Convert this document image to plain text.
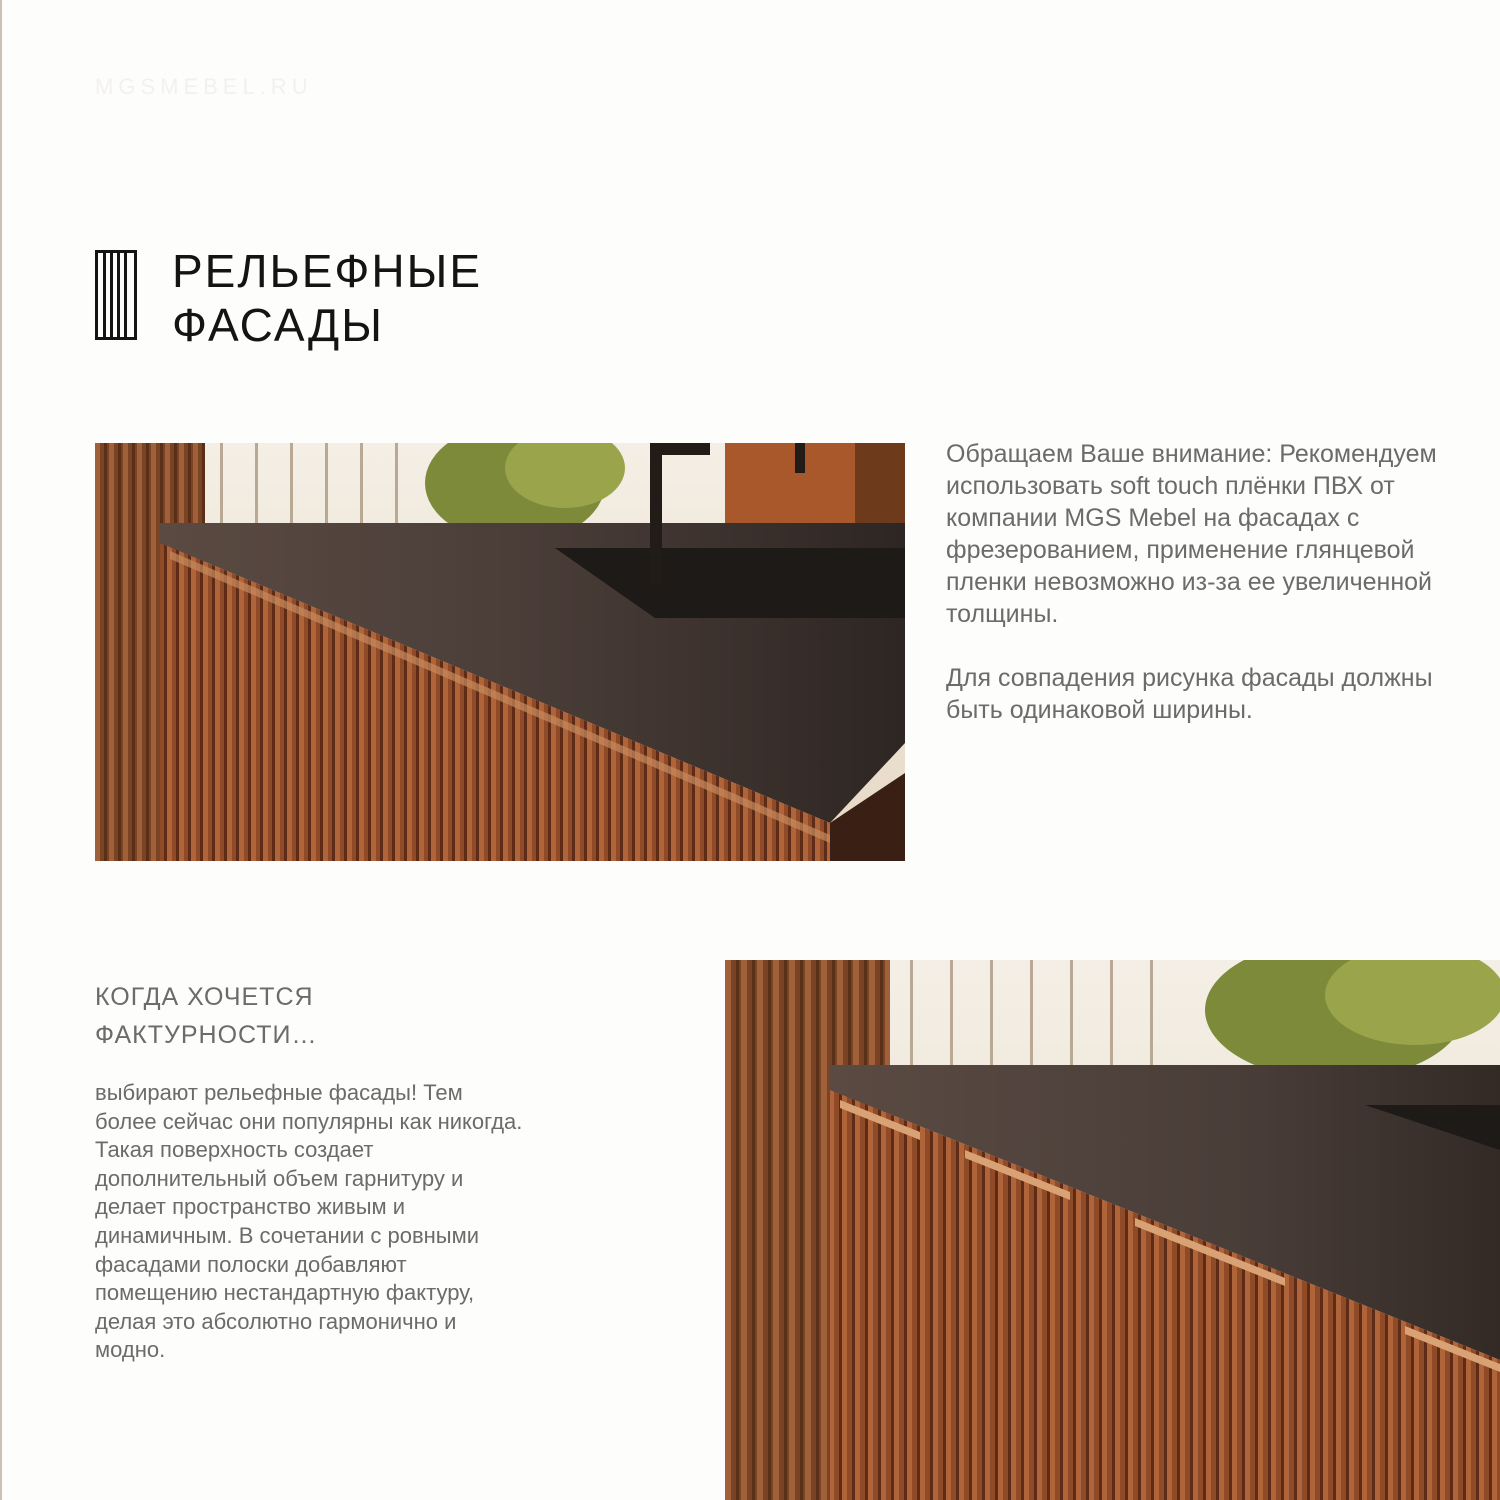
MGSMEBEL.RU
РЕЛЬЕФНЫЕ
ФАСАДЫ

Обращаем Ваше внимание: Рекомендуем использовать soft touch плёнки ПВХ от компании MGS Mebel на фасадах с фрезерованием, применение глянцевой пленки невозможно из-за ее увеличенной толщины.

Для совпадения рисунка фасады должны быть одинаковой ширины.

КОГДА ХОЧЕТСЯ
ФАКТУРНОСТИ…

выбирают рельефные фасады! Тем более сейчас они популярны как никогда. Такая поверхность создает дополнительный объем гарнитуру и делает пространство живым и динамичным. В сочетании с ровными фасадами полоски добавляют помещению нестандартную фактуру, делая это абсолютно гармонично и модно.
